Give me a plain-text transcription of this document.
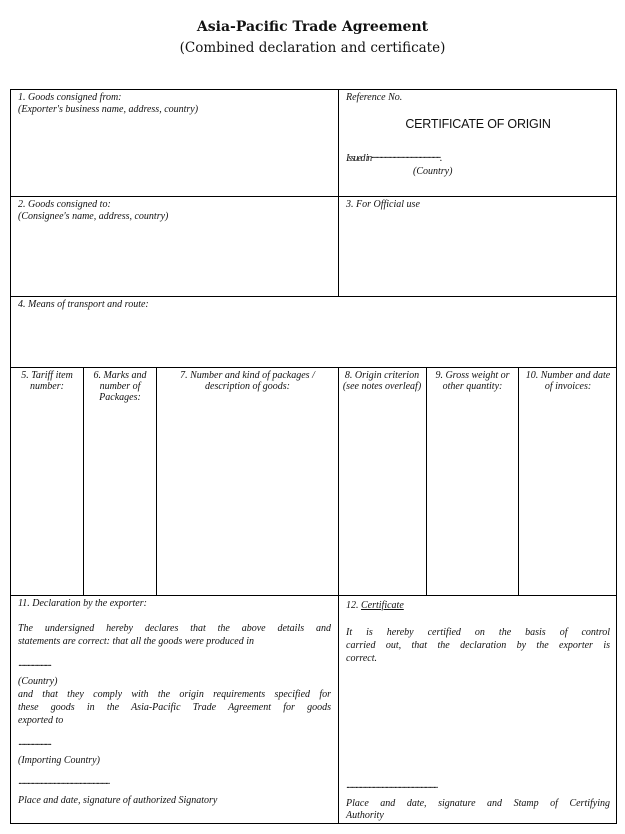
Asia-Pacific Trade Agreement
(Combined declaration and certificate)
1. Goods consigned from:
(Exporter's business name, address, country)
Reference No.
CERTIFICATE OF ORIGIN
Issued in·····················································.
(Country)
2. Goods consigned to:
(Consignee's name, address, country)
3. For Official use
4. Means of transport and route:
5. Tariff item number:
6. Marks and number of Packages:
7. Number and kind of packages / description of goods:
8. Origin criterion (see notes overleaf)
9. Gross weight or other quantity:
10. Number and date of invoices:
11. Declaration by the exporter:
The undersigned hereby declares that the above details and
statements are correct: that all the goods were produced in
·························
(Country)
and that they comply with the origin requirements specified for
these goods in the Asia-Pacific Trade Agreement for goods
exported to
·························
(Importing Country)
······································································
Place and date, signature of authorized Signatory
12. Certificate
It is hereby certified on the basis of control
carried out, that the declaration by the exporter is
correct.
······································································
Place and date, signature and Stamp of Certifying
Authority
